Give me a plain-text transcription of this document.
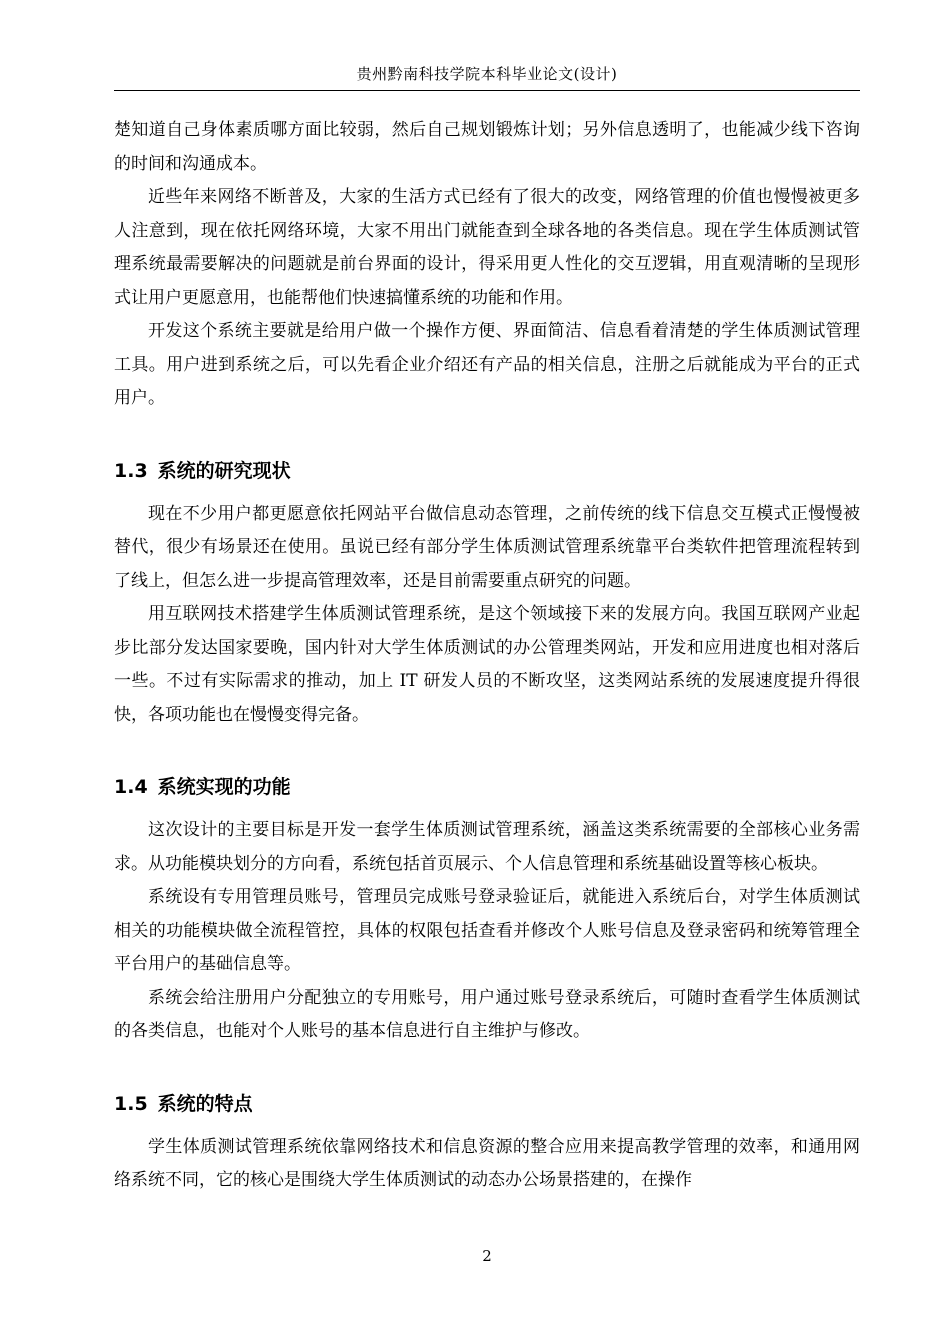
贵州黔南科技学院本科毕业论文(设计)

楚知道自己身体素质哪方面比较弱，然后自己规划锻炼计划；另外信息透明了，也能减少线下咨询的时间和沟通成本。

近些年来网络不断普及，大家的生活方式已经有了很大的改变，网络管理的价值也慢慢被更多人注意到，现在依托网络环境，大家不用出门就能查到全球各地的各类信息。现在学生体质测试管理系统最需要解决的问题就是前台界面的设计，得采用更人性化的交互逻辑，用直观清晰的呈现形式让用户更愿意用，也能帮他们快速搞懂系统的功能和作用。

开发这个系统主要就是给用户做一个操作方便、界面简洁、信息看着清楚的学生体质测试管理工具。用户进到系统之后，可以先看企业介绍还有产品的相关信息，注册之后就能成为平台的正式用户。

1.3 系统的研究现状

现在不少用户都更愿意依托网站平台做信息动态管理，之前传统的线下信息交互模式正慢慢被替代，很少有场景还在使用。虽说已经有部分学生体质测试管理系统靠平台类软件把管理流程转到了线上，但怎么进一步提高管理效率，还是目前需要重点研究的问题。

用互联网技术搭建学生体质测试管理系统，是这个领域接下来的发展方向。我国互联网产业起步比部分发达国家要晚，国内针对大学生体质测试的办公管理类网站，开发和应用进度也相对落后一些。不过有实际需求的推动，加上 IT 研发人员的不断攻坚，这类网站系统的发展速度提升得很快，各项功能也在慢慢变得完备。

1.4 系统实现的功能

这次设计的主要目标是开发一套学生体质测试管理系统，涵盖这类系统需要的全部核心业务需求。从功能模块划分的方向看，系统包括首页展示、个人信息管理和系统基础设置等核心板块。

系统设有专用管理员账号，管理员完成账号登录验证后，就能进入系统后台，对学生体质测试相关的功能模块做全流程管控，具体的权限包括查看并修改个人账号信息及登录密码和统筹管理全平台用户的基础信息等。

系统会给注册用户分配独立的专用账号，用户通过账号登录系统后，可随时查看学生体质测试的各类信息，也能对个人账号的基本信息进行自主维护与修改。

1.5 系统的特点

学生体质测试管理系统依靠网络技术和信息资源的整合应用来提高教学管理的效率，和通用网络系统不同，它的核心是围绕大学生体质测试的动态办公场景搭建的，在操作

2
